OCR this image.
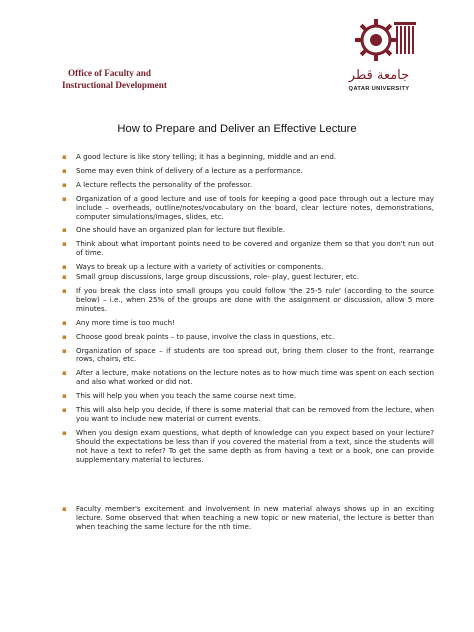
Office of Faculty and
Instructional Development
جامعة قطر
QATAR UNIVERSITY
How to Prepare and Deliver an Effective Lecture
▪ A good lecture is like story telling; it has a beginning, middle and an end.
▪ Some may even think of delivery of a lecture as a performance.
▪ A lecture reflects the personality of the professor.
▪ Organization of a good lecture and use of tools for keeping a good pace through out a lecture may include – overheads, outline/notes/vocabulary on the board, clear lecture notes, demonstrations, computer simulations/images, slides, etc.
▪ One should have an organized plan for lecture but flexible.
▪ Think about what important points need to be covered and organize them so that you don't run out of time.
▪ Ways to break up a lecture with a variety of activities or components.
▪ Small group discussions, large group discussions, role- play, guest lecturer, etc.
▪ If you break the class into small groups you could follow 'the 25-5 rule' (according to the source below) – i.e., when 25% of the groups are done with the assignment or discussion, allow 5 more minutes.
▪ Any more time is too much!
▪ Choose good break points – to pause, involve the class in questions, etc.
▪ Organization of space – if students are too spread out, bring them closer to the front, rearrange rows, chairs, etc.
▪ After a lecture, make notations on the lecture notes as to how much time was spent on each section and also what worked or did not.
▪ This will help you when you teach the same course next time.
▪ This will also help you decide, if there is some material that can be removed from the lecture, when you want to include new material or current events.
▪ When you design exam questions, what depth of knowledge can you expect based on your lecture? Should the expectations be less than if you covered the material from a text, since the students will not have a text to refer? To get the same depth as from having a text or a book, one can provide supplementary material to lectures.
▪ Faculty member's excitement and involvement in new material always shows up in an exciting lecture. Some observed that when teaching a new topic or new material, the lecture is better than when teaching the same lecture for the nth time.
